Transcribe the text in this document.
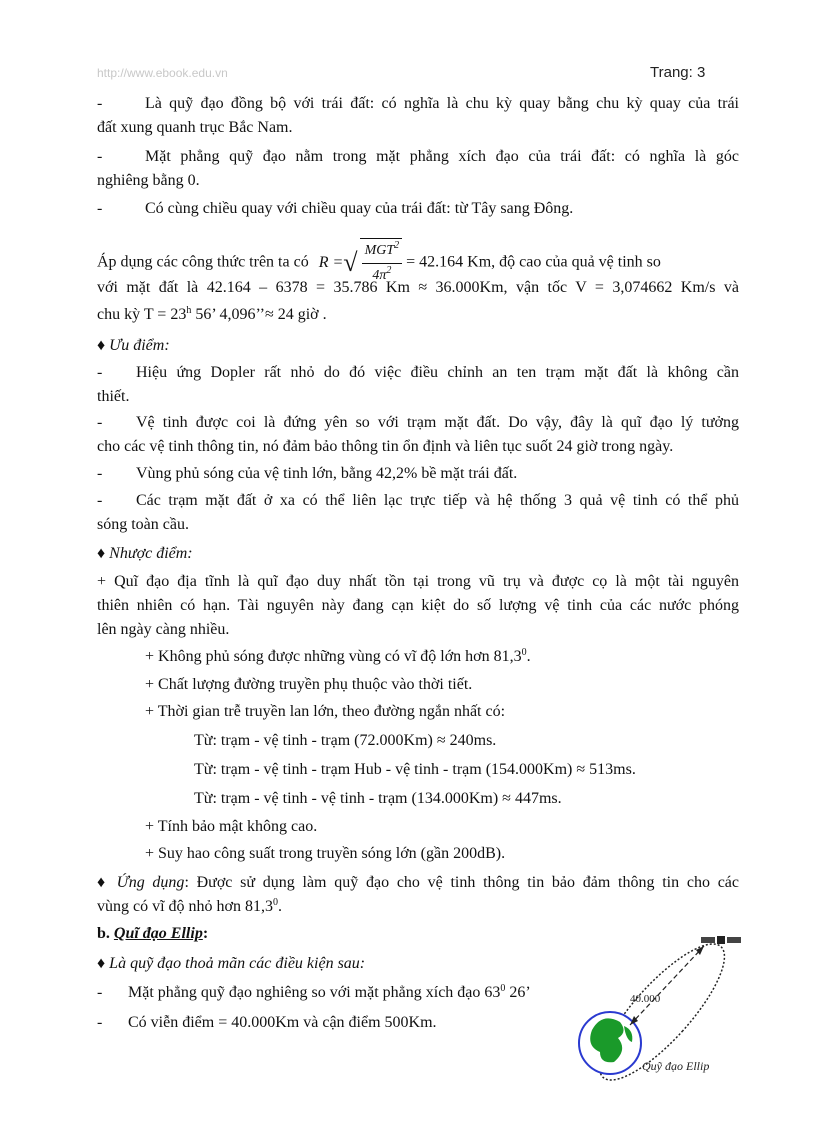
http://www.ebook.edu.vn	Trang: 3
-	Là quỹ đạo đồng bộ với trái đất: có nghĩa là chu kỳ quay bằng chu kỳ quay của trái
đất xung quanh trục Bắc Nam.
-	Mặt phẳng quỹ đạo nằm trong mặt phẳng xích đạo của trái đất: có nghĩa là góc
nghiêng bằng 0.
-	Có cùng chiều quay với chiều quay của trái đất: từ Tây sang Đông.
Áp dụng các công thức trên ta có R =√ $\frac{MGT^2}{4\pi^2} = 42.164$ Km, độ cao của quả vệ tinh so
với mặt đất là 42.164 – 6378 = 35.786 Km ≈ 36.000Km, vận tốc V = 3,074662 Km/s và
chu kỳ $T = 23^h$ 56’ 4,096’’≈ 24 giờ .
♦ Ưu điểm:
- Hiệu ứng Dopler rất nhỏ do đó việc điều chỉnh an ten trạm mặt đất là không cần
thiết.
- Vệ tinh được coi là đứng yên so với trạm mặt đất. Do vậy, đây là quĩ đạo lý tưởng
cho các vệ tinh thông tin, nó đảm bảo thông tin ổn định và liên tục suốt 24 giờ trong ngày.
- Vùng phủ sóng của vệ tinh lớn, bằng 42,2% bề mặt trái đất.
- Các trạm mặt đất ở xa có thể liên lạc trực tiếp và hệ thống 3 quả vệ tinh có thể phủ
sóng toàn cầu.
♦ Nhược điểm:
+ Quĩ đạo địa tĩnh là quĩ đạo duy nhất tồn tại trong vũ trụ và được cọ là một tài nguyên
thiên nhiên có hạn. Tài nguyên này đang cạn kiệt do số lượng vệ tinh của các nước phóng
lên ngày càng nhiều.
+ Không phủ sóng được những vùng có vĩ độ lớn hơn $81,3^0$.
+ Chất lượng đường truyền phụ thuộc vào thời tiết.
+ Thời gian trễ truyền lan lớn, theo đường ngắn nhất có:
Từ: trạm - vệ tinh - trạm (72.000Km) ≈ 240ms.
Từ: trạm - vệ tinh - trạm Hub - vệ tinh - trạm (154.000Km) ≈ 513ms.
Từ: trạm - vệ tinh - vệ tinh - trạm (134.000Km) ≈ 447ms.
+ Tính bảo mật không cao.
+ Suy hao công suất trong truyền sóng lớn (gần 200dB).
♦ Ứng dụng: Được sử dụng làm quỹ đạo cho vệ tinh thông tin bảo đảm thông tin cho các
vùng có vĩ độ nhỏ hơn 81,3$^0$.
b. Quĩ đạo Ellip:
♦ Là quỹ đạo thoả mãn các điều kiện sau:
- Mặt phẳng quỹ đạo nghiêng so với mặt phẳng xích đạo $63^0$ 26’
- Có viễn điểm = 40.000Km và cận điểm 500Km.
40.000
Quỹ đạo Ellip
